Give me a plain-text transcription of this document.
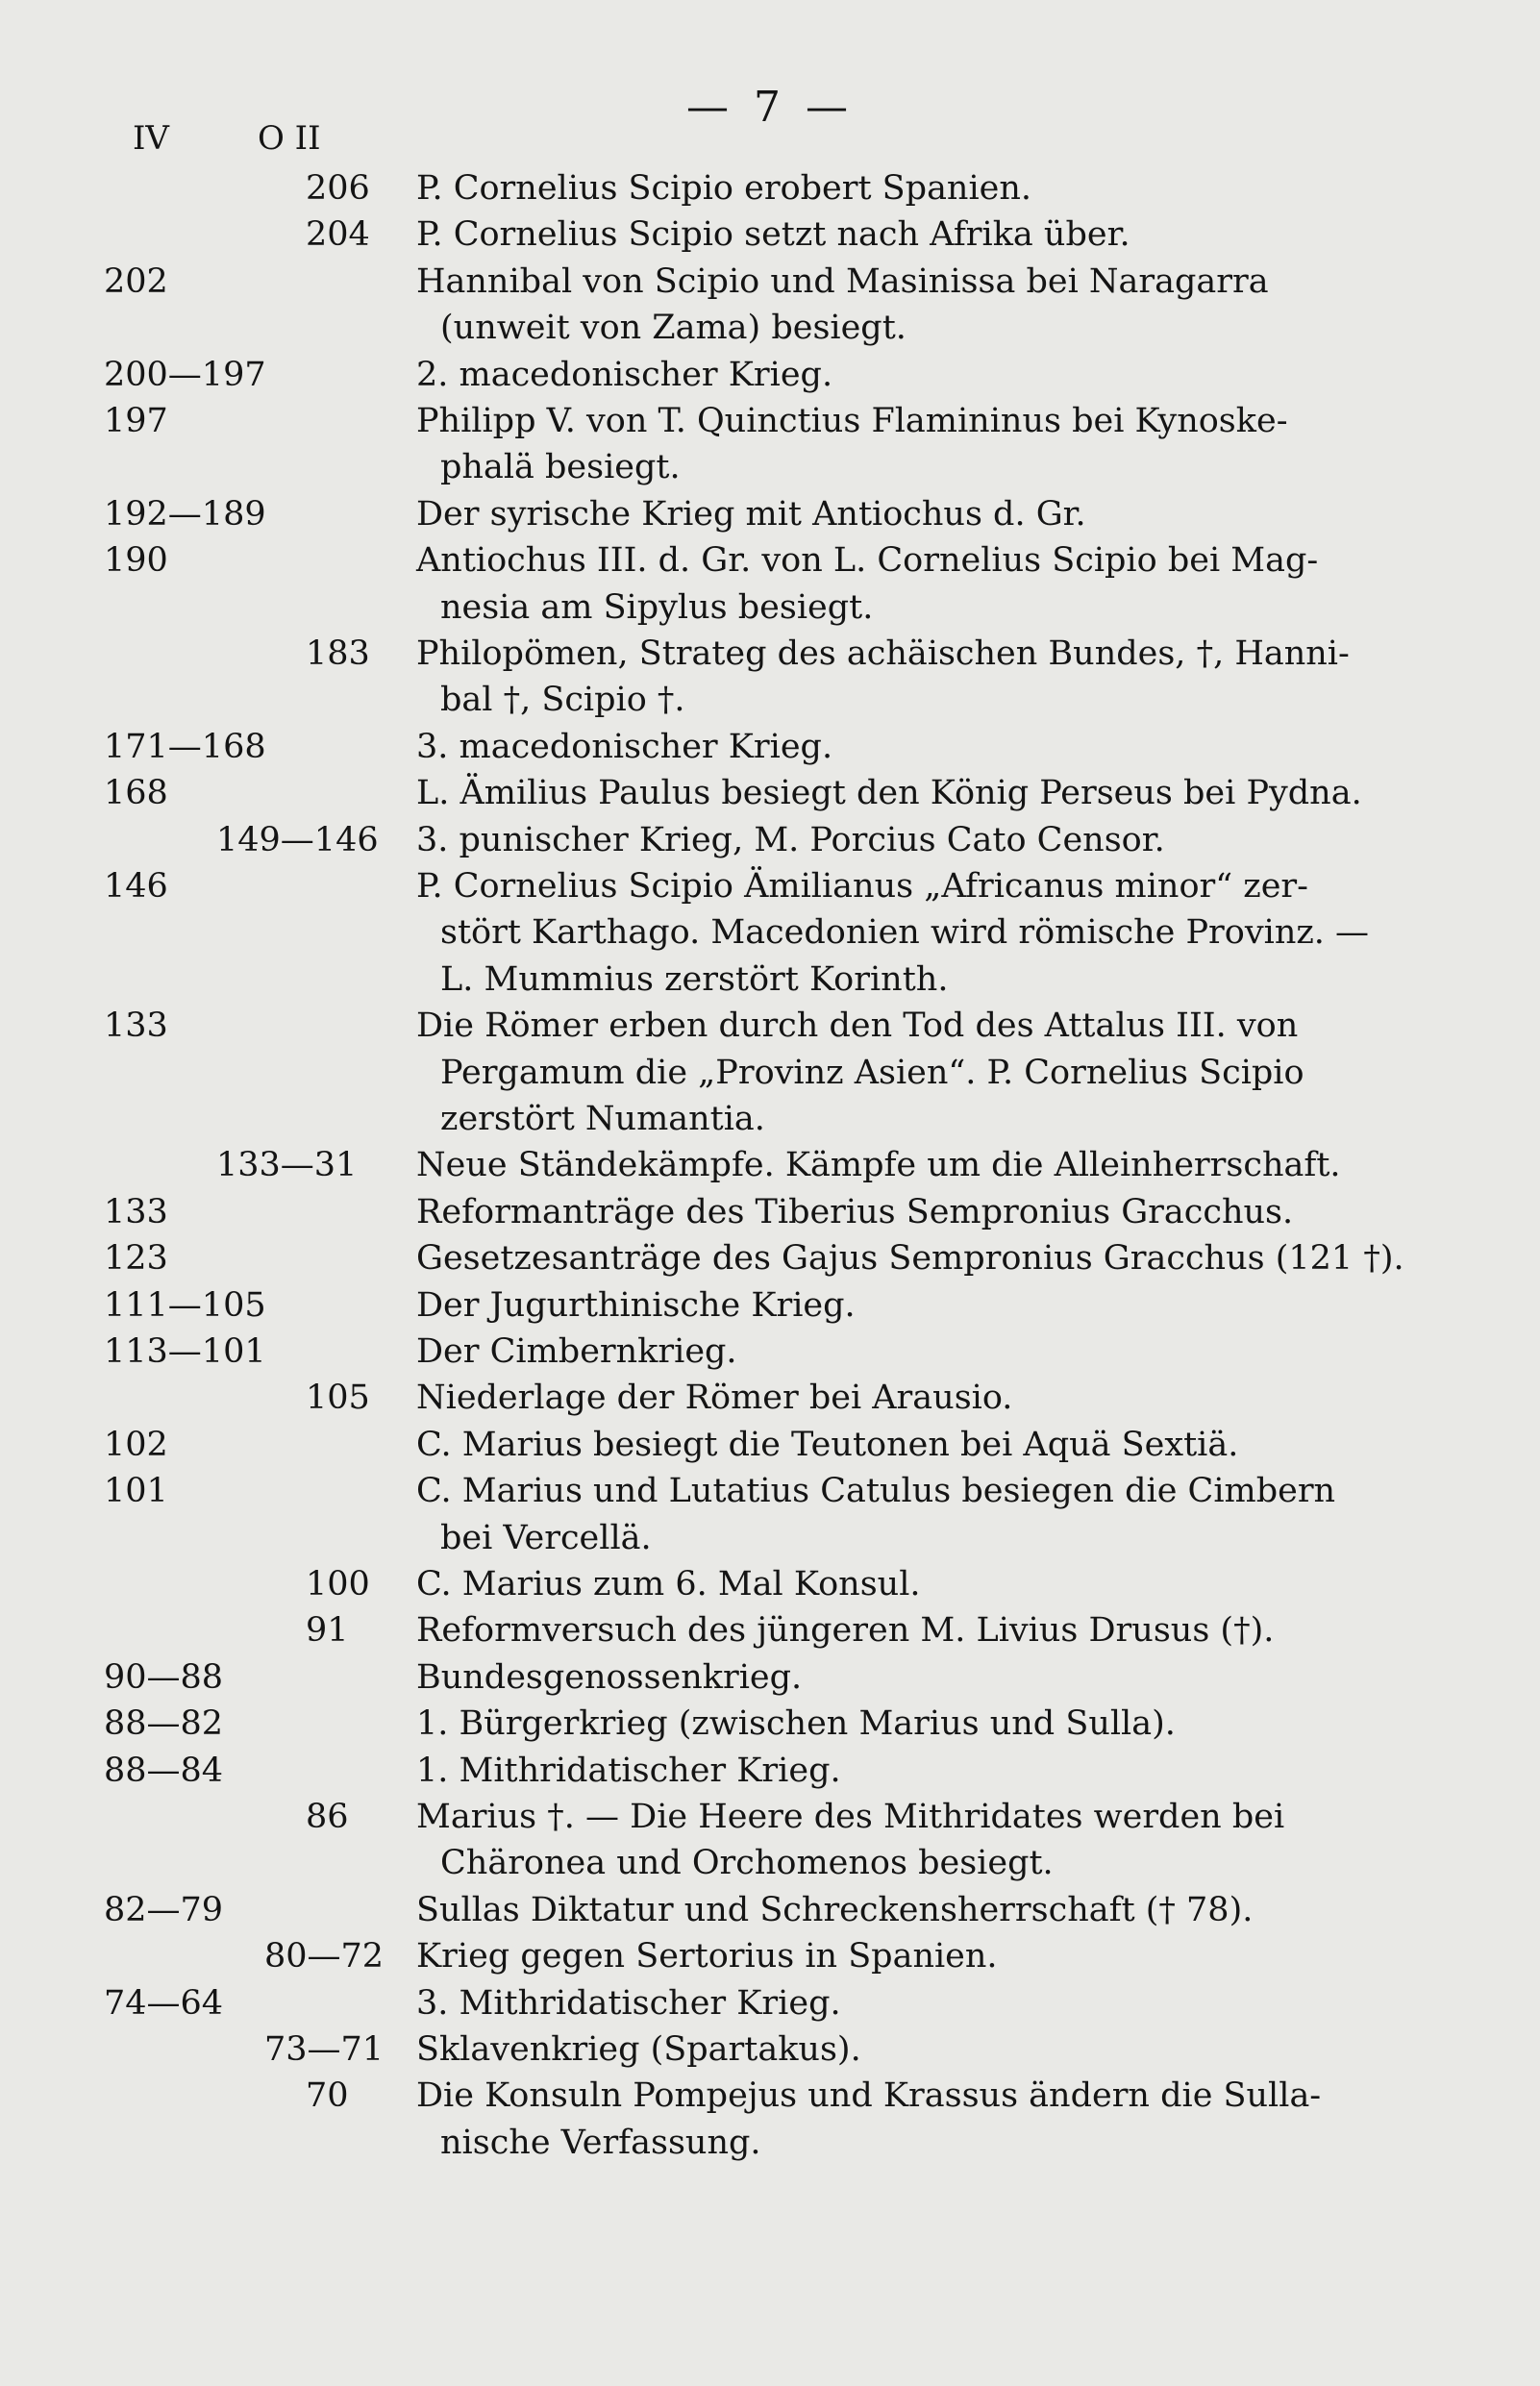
— 7 —
IV	O II
206 P. Cornelius Scipio erobert Spanien.
204 P. Cornelius Scipio setzt nach Afrika über.
202	Hannibal von Scipio und Masinissa bei Naragarra
(unweit von Zama) besiegt.
200—197	2. macedonischer Krieg.
197	Philipp V. von T. Quinctius Flamininus bei Kynoske-
phalä besiegt.
192—189	Der syrische Krieg mit Antiochus d. Gr.
190	Antiochus III. d. Gr. von L. Cornelius Scipio bei Mag-
nesia am Sipylus besiegt.
183 Philopömen, Strateg des achäischen Bundes, †, Hanni-
bal †, Scipio †.
171—168	3. macedonischer Krieg.
168	L. Ämilius Paulus besiegt den König Perseus bei Pydna.
149—146 3. punischer Krieg, M. Porcius Cato Censor.
146	P. Cornelius Scipio Ämilianus „Africanus minor“ zer-
stört Karthago. Macedonien wird römische Provinz. —
L. Mummius zerstört Korinth.
133	Die Römer erben durch den Tod des Attalus III. von
Pergamum die „Provinz Asien“. P. Cornelius Scipio
zerstört Numantia.
133—31 Neue Ständekämpfe. Kämpfe um die Alleinherrschaft.
133	Reformanträge des Tiberius Sempronius Gracchus.
123	Gesetzesanträge des Gajus Sempronius Gracchus (121 †).
111—105	Der Jugurthinische Krieg.
113—101	Der Cimbernkrieg.
105 Niederlage der Römer bei Arausio.
102	C. Marius besiegt die Teutonen bei Aquä Sextiä.
101	C. Marius und Lutatius Catulus besiegen die Cimbern
bei Vercellä.
100 C. Marius zum 6. Mal Konsul.
91 Reformversuch des jüngeren M. Livius Drusus (†).
90—88	Bundesgenossenkrieg.
88—82	1. Bürgerkrieg (zwischen Marius und Sulla).
88—84	1. Mithridatischer Krieg.
86 Marius †. — Die Heere des Mithridates werden bei
Chäronea und Orchomenos besiegt.
82—79	Sullas Diktatur und Schreckensherrschaft († 78).
80—72 Krieg gegen Sertorius in Spanien.
74—64	3. Mithridatischer Krieg.
73—71 Sklavenkrieg (Spartakus).
70 Die Konsuln Pompejus und Krassus ändern die Sulla-
nische Verfassung.
